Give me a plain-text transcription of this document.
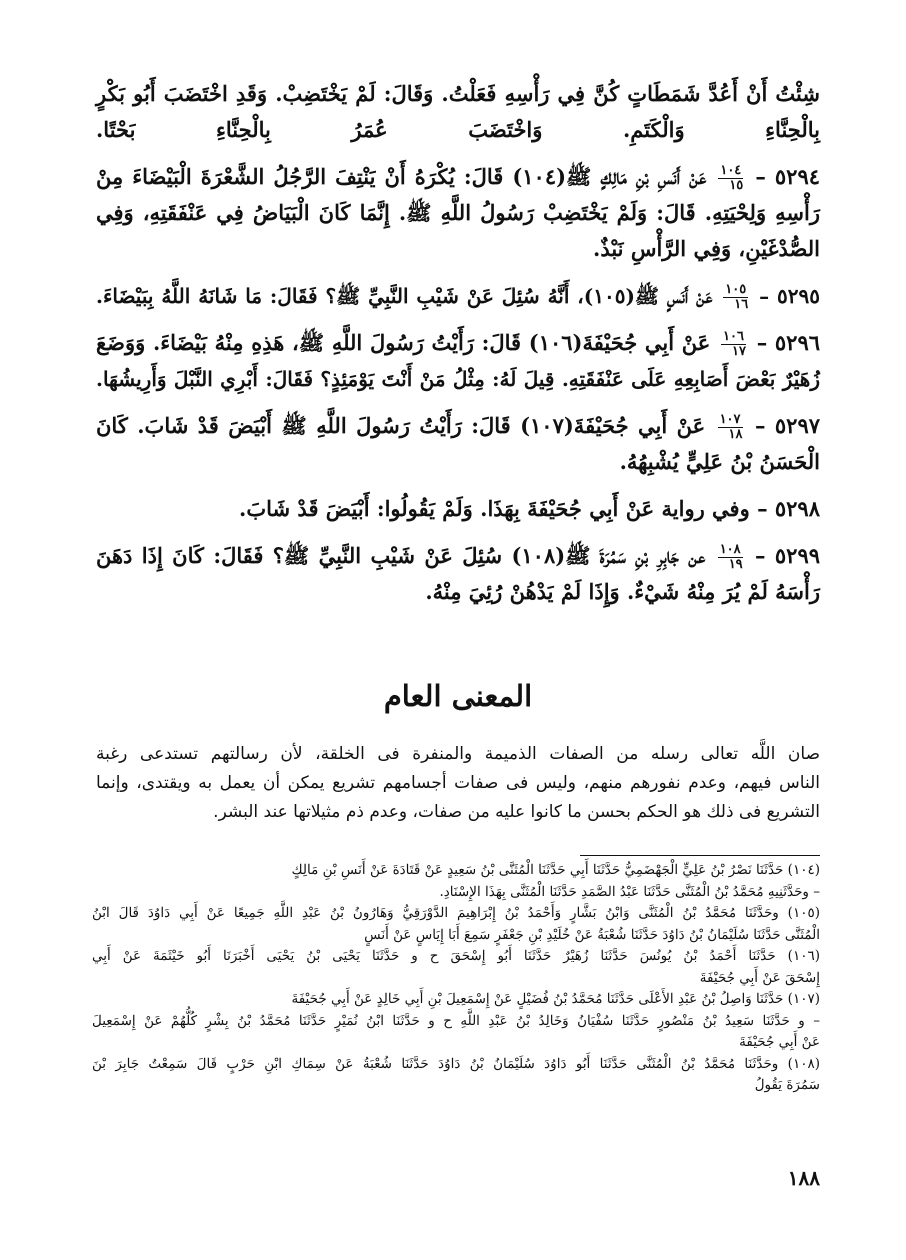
شِئْتُ أَنْ أَعُدَّ شَمَطَاتٍ كُنَّ فِي رَأْسِهِ فَعَلْتُ. وَقَالَ: لَمْ يَخْتَضِبْ. وَقَدِ اخْتَضَبَ أَبُو بَكْرٍ
بِالْحِنَّاءِ وَالْكَتَمِ. وَاخْتَضَبَ عُمَرُ بِالْحِنَّاءِ بَحْتًا.
٥٢٩٤ –
$\frac{١٠٤}{١٥}$
عَنْ أَنَسِ بْنِ مَالِكٍ ﷺ(١٠٤) قَالَ: يُكْرَهُ أَنْ يَنْتِفَ الرَّجُلُ الشَّعْرَةَ الْبَيْضَاءَ مِنْ
رَأْسِهِ وَلِحْيَتِهِ. قَالَ: وَلَمْ يَخْتَضِبْ رَسُولُ اللَّهِ ﷺ. إِنَّمَا كَانَ الْبَيَاضُ فِي عَنْفَقَتِهِ، وَفِي
الصُّدْغَيْنِ، وَفِي الرَّأْسِ نَبْذٌ.
٥٢٩٥ –
$\frac{١٠٥}{١٦}$
عَنْ أَنَسٍ ﷺ(١٠٥)، أَنَّهُ سُئِلَ عَنْ شَيْبِ النَّبِيِّ ﷺ؟ فَقَالَ: مَا شَانَهُ اللَّهُ بِبَيْضَاءَ.
٥٢٩٦ –
$\frac{١٠٦}{١٧}$
عَنْ أَبِي جُحَيْفَةَ(١٠٦) قَالَ: رَأَيْتُ رَسُولَ اللَّهِ ﷺ، هَذِهِ مِنْهُ بَيْضَاءَ. وَوَضَعَ
زُهَيْرٌ بَعْضَ أَصَابِعِهِ عَلَى عَنْفَقَتِهِ. قِيلَ لَهُ: مِثْلُ مَنْ أَنْتَ يَوْمَئِذٍ؟ فَقَالَ: أَبْرِي النَّبْلَ وَأَرِيشُهَا.
٥٢٩٧ –
$\frac{١٠٧}{١٨}$
عَنْ أَبِي جُحَيْفَةَ(١٠٧) قَالَ: رَأَيْتُ رَسُولَ اللَّهِ ﷺ أَبْيَضَ قَدْ شَابَ. كَانَ
الْحَسَنُ بْنُ عَلِيٍّ يُشْبِهُهُ.
٥٢٩٨ – وفي رواية عَنْ أَبِي جُحَيْفَةَ بِهَذَا. وَلَمْ يَقُولُوا: أَبْيَضَ قَدْ شَابَ.
٥٢٩٩ –
$\frac{١٠٨}{١٩}$
عن جَابِرِ بْنِ سَمُرَةَ ﷺ(١٠٨) سُئِلَ عَنْ شَيْبِ النَّبِيِّ ﷺ؟ فَقَالَ: كَانَ إِذَا دَهَنَ
رَأْسَهُ لَمْ يُرَ مِنْهُ شَيْءٌ. وَإِذَا لَمْ يَدْهُنْ رُئِيَ مِنْهُ.
المعنى العام
صان اللَّه تعالى رسله من الصفات الذميمة والمنفرة فى الخلقة، لأن رسالتهم تستدعى رغبة
الناس فيهم، وعدم نفورهم منهم، وليس فى صفات أجسامهم تشريع يمكن أن يعمل به ويقتدى، وإنما
التشريع فى ذلك هو الحكم بحسن ما كانوا عليه من صفات، وعدم ذم مثيلاتها عند البشر.
(١٠٤) حَدَّثَنَا نَصْرُ بْنُ عَلِيٍّ الْجَهْضَمِيُّ حَدَّثَنَا أَبِي حَدَّثَنَا الْمُثَنَّى بْنُ سَعِيدٍ عَنْ قَتَادَةَ عَنْ أَنَسِ بْنِ مَالِكٍ
– وحَدَّثَنِيهِ مُحَمَّدُ بْنُ الْمُثَنَّى حَدَّثَنَا عَبْدُ الصَّمَدِ حَدَّثَنَا الْمُثَنَّى بِهَذَا الإِسْنَادِ.
(١٠٥) وحَدَّثَنَا مُحَمَّدُ بْنُ الْمُثَنَّى وَابْنُ بَشَّارٍ وَأَحْمَدُ بْنُ إِبْرَاهِيمَ الدَّوْرَقِيُّ وَهَارُونُ بْنُ عَبْدِ اللَّهِ جَمِيعًا عَنْ أَبِي دَاوُدَ قَالَ ابْنُ
الْمُثَنَّى حَدَّثَنَا سُلَيْمَانُ بْنُ دَاوُدَ حَدَّثَنَا شُعْبَةُ عَنْ خُلَيْدِ بْنِ جَعْفَرٍ سَمِعَ أَبَا إِيَاسٍ عَنْ أَنَسٍ
(١٠٦) حَدَّثَنَا أَحْمَدُ بْنُ يُونُسَ حَدَّثَنَا زُهَيْرٌ حَدَّثَنَا أَبُو إِسْحَقَ ح و حَدَّثَنَا يَحْيَى بْنُ يَحْيَى أَخْبَرَنَا أَبُو خَيْثَمَةَ عَنْ أَبِي
إِسْحَقَ عَنْ أَبِي جُحَيْفَةَ
(١٠٧) حَدَّثَنَا وَاصِلُ بْنُ عَبْدِ الأَعْلَى حَدَّثَنَا مُحَمَّدُ بْنُ فُضَيْلٍ عَنْ إِسْمَعِيلَ بْنِ أَبِي خَالِدٍ عَنْ أَبِي جُحَيْفَةَ
– و حَدَّثَنَا سَعِيدُ بْنُ مَنْصُورٍ حَدَّثَنَا سُفْيَانُ وَخَالِدُ بْنُ عَبْدِ اللَّهِ ح و حَدَّثَنَا ابْنُ نُمَيْرٍ حَدَّثَنَا مُحَمَّدُ بْنُ بِشْرٍ كُلُّهُمْ عَنْ إِسْمَعِيلَ
عَنْ أَبِي جُحَيْفَةَ
(١٠٨) وحَدَّثَنَا مُحَمَّدُ بْنُ الْمُثَنَّى حَدَّثَنَا أَبُو دَاوُدَ سُلَيْمَانُ بْنُ دَاوُدَ حَدَّثَنَا شُعْبَةُ عَنْ سِمَاكِ ابْنِ حَرْبٍ قَالَ سَمِعْتُ جَابِرَ بْنَ
سَمُرَةَ يَقُولُ
١٨٨
